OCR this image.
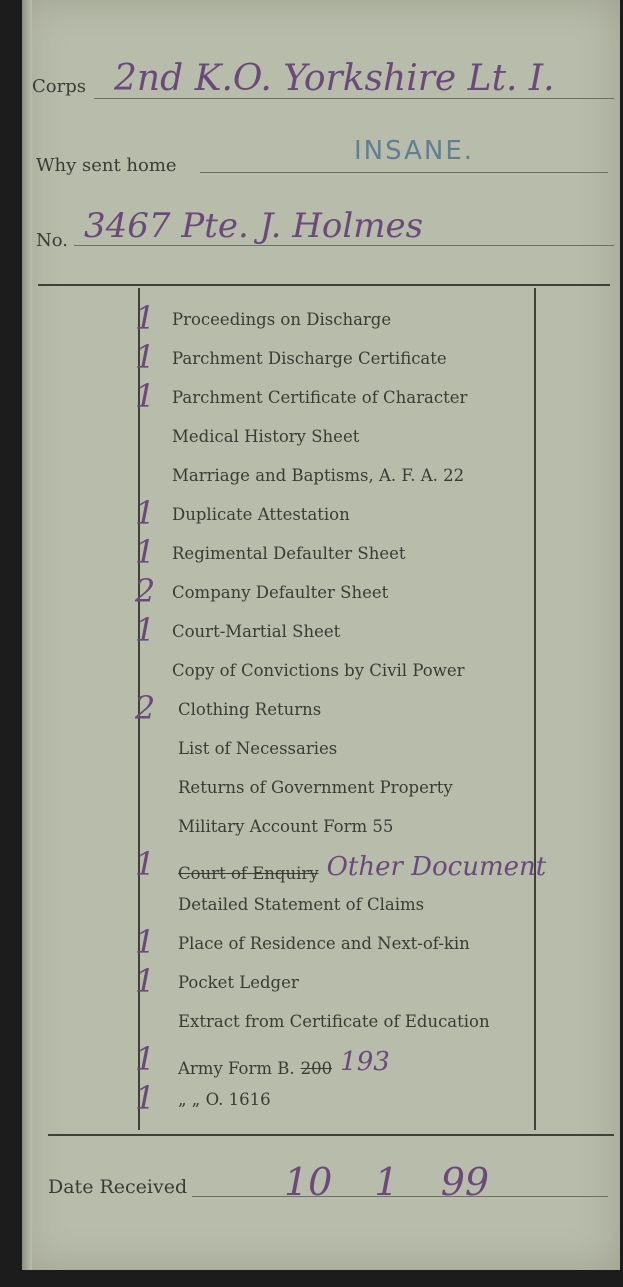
Corps 2nd K.O. Yorkshire Lt. I.
Why sent home	INSANE.
No. 3467 Pte. J. Holmes
1 Proceedings on Discharge
1 Parchment Discharge Certificate
1 Parchment Certificate of Character
Medical History Sheet
Marriage and Baptisms, A. F. A. 22
1 Duplicate Attestation
1 Regimental Defaulter Sheet
2 Company Defaulter Sheet
1 Court-Martial Sheet
Copy of Convictions by Civil Power
2 Clothing Returns
List of Necessaries
Returns of Government Property
Military Account Form 55
1 Court of Enquiry Other Document
Detailed Statement of Claims
1 Place of Residence and Next-of-kin
1 Pocket Ledger
Extract from Certificate of Education
1 Army Form B. 200 193
1 „ „ O. 1616
Date Received	10 1 99
